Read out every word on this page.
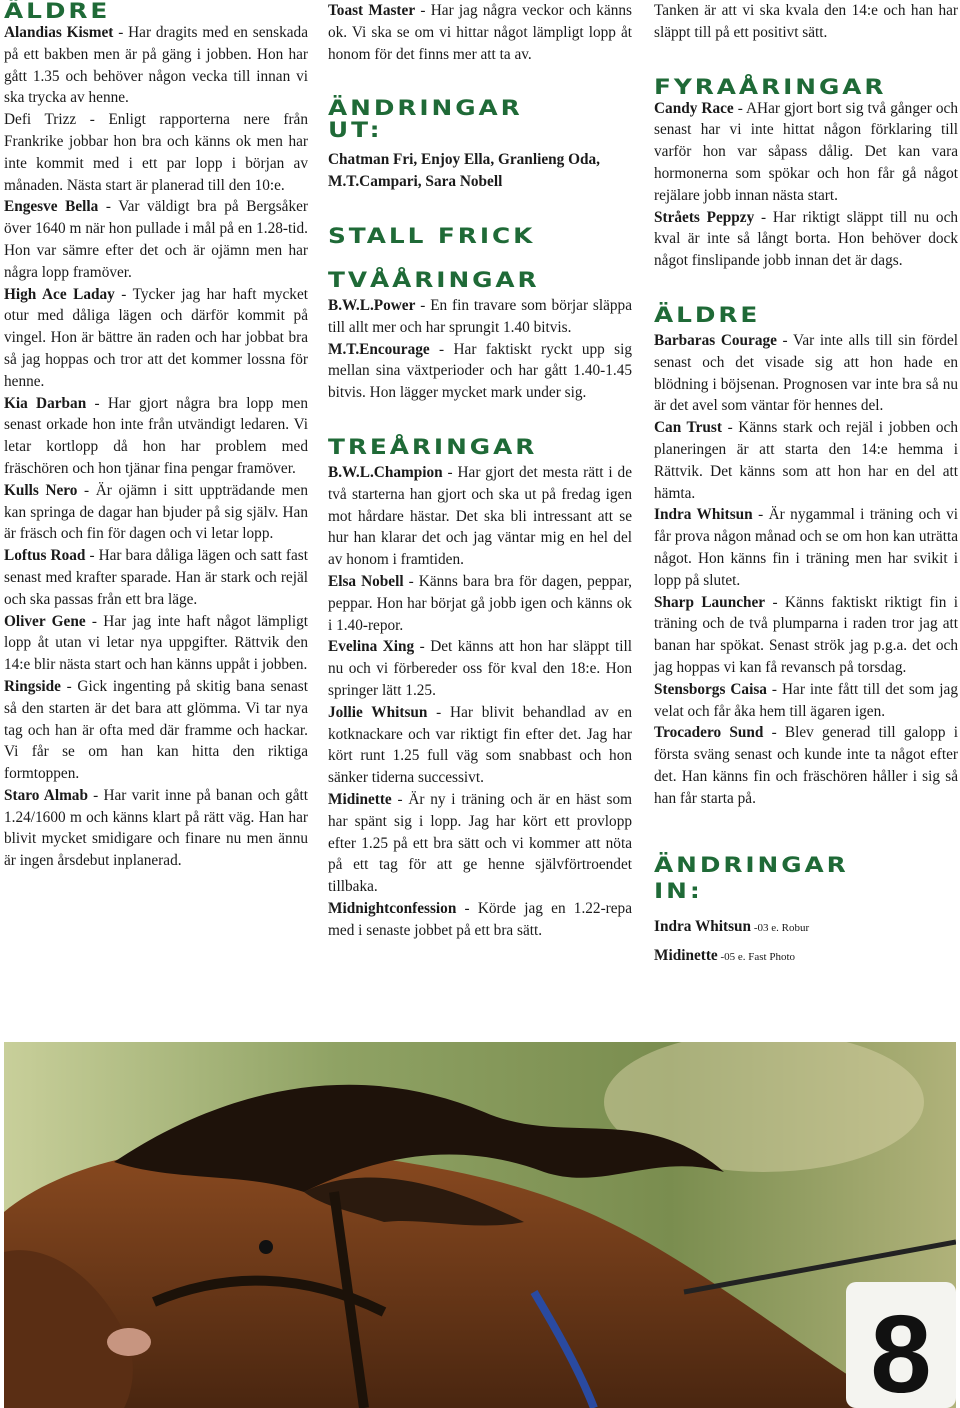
ÄLDRE

Alandias Kismet - Har dragits med en senskada på ett bakben men är på gäng i jobben. Hon har gått 1.35 och behöver någon vecka till innan vi ska trycka av henne.

Defi Trizz - Enligt rapporterna nere från Frankrike jobbar hon bra och känns ok men har inte kommit med i ett par lopp i början av månaden. Nästa start är planerad till den 10:e.

Engesve Bella - Var väldigt bra på Bergsåker över 1640 m när hon pullade i mål på en 1.28-tid. Hon var sämre efter det och är ojämn men har några lopp framöver.

High Ace Laday - Tycker jag har haft mycket otur med dåliga lägen och därför kommit på vingel. Hon är bättre än raden och har jobbat bra så jag hoppas och tror att det kommer lossna för henne.

Kia Darban - Har gjort några bra lopp men senast orkade hon inte från utvändigt ledaren. Vi letar kortlopp då hon har problem med fräschören och hon tjänar fina pengar framöver.

Kulls Nero - Är ojämn i sitt uppträdande men kan springa de dagar han bjuder på sig själv. Han är fräsch och fin för dagen och vi letar lopp.

Loftus Road - Har bara dåliga lägen och satt fast senast med krafter sparade. Han är stark och rejäl och ska passas från ett bra läge.

Oliver Gene - Har jag inte haft något lämpligt lopp åt utan vi letar nya uppgifter. Rättvik den 14:e blir nästa start och han känns uppåt i jobben.

Ringside - Gick ingenting på skitig bana senast så den starten är det bara att glömma. Vi tar nya tag och han är ofta med där framme och hackar. Vi får se om han kan hitta den riktiga formtoppen.

Staro Almab - Har varit inne på banan och gått 1.24/1600 m och känns klart på rätt väg. Han har blivit mycket smidigare och finare nu men ännu är ingen årsdebut inplanerad.

Toast Master - Har jag några veckor och känns ok. Vi ska se om vi hittar något lämpligt lopp åt honom för det finns mer att ta av.

ÄNDRINGAR
UT:
Chatman Fri, Enjoy Ella, Granlieng Oda, M.T.Campari, Sara Nobell
STALL FRICK
TVÅÅRINGAR

B.W.L.Power - En fin travare som börjar släppa till allt mer och har sprungit 1.40 bitvis.

M.T.Encourage - Har faktiskt ryckt upp sig mellan sina växtperioder och har gått 1.40-1.45 bitvis. Hon lägger mycket mark under sig.

TREÅRINGAR

B.W.L.Champion - Har gjort det mesta rätt i de två starterna han gjort och ska ut på fredag igen mot hårdare hästar. Det ska bli intressant att se hur han klarar det och jag väntar mig en hel del av honom i framtiden.

Elsa Nobell - Känns bara bra för dagen, peppar, peppar. Hon har börjat gå jobb igen och känns ok i 1.40-repor.

Evelina Xing - Det känns att hon har släppt till nu och vi förbereder oss för kval den 18:e. Hon springer lätt 1.25.

Jollie Whitsun - Har blivit behandlad av en kotknackare och var riktigt fin efter det. Jag har kört runt 1.25 full väg som snabbast och hon sänker tiderna successivt.

Midinette - Är ny i träning och är en häst som har spänt sig i lopp. Jag har kört ett provlopp efter 1.25 på ett bra sätt och vi kommer att nöta på ett tag för att ge henne självförtroendet tillbaka.

Midnightconfession - Körde jag en 1.22-repa med i senaste jobbet på ett bra sätt.

Tanken är att vi ska kvala den 14:e och han har släppt till på ett positivt sätt.

FYRAÅRINGAR

Candy Race - AHar gjort bort sig två gånger och senast har vi inte hittat någon förklaring till varför hon var såpass dålig. Det kan vara hormonerna som spökar och hon får gå något rejälare jobb innan nästa start.

Stråets Peppzy - Har riktigt släppt till nu och kval är inte så långt borta. Hon behöver dock något finslipande jobb innan det är dags.

ÄLDRE

Barbaras Courage - Var inte alls till sin fördel senast och det visade sig att hon hade en blödning i böjsenan. Prognosen var inte bra så nu är det avel som väntar för hennes del.

Can Trust - Känns stark och rejäl i jobben och planeringen är att starta den 14:e hemma i Rättvik. Det känns som att hon har en del att hämta.

Indra Whitsun - Är nygammal i träning och vi får prova någon månad och se om hon kan uträtta något. Hon känns fin i träning men har svikit i lopp på slutet.

Sharp Launcher - Känns faktiskt riktigt fin i träning och de två plumparna i raden tror jag att banan har spökat. Senast strök jag p.g.a. det och jag hoppas vi kan få revansch på torsdag.

Stensborgs Caisa - Har inte fått till det som jag velat och får åka hem till ägaren igen.

Trocadero Sund - Blev generad till galopp i första sväng senast och kunde inte ta något efter det. Han känns fin och fräschören håller i sig så han får starta på.

ÄNDRINGAR
IN:

Indra Whitsun -03 e. Robur

Midinette -05 e. Fast Photo

8
